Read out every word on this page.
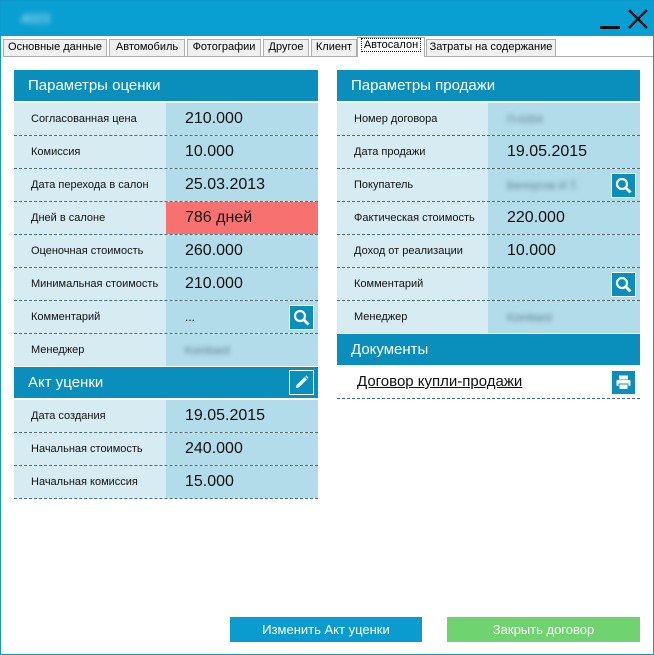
4023
Основные данные	Автомобиль	Фотографии	Другое	Клиент	Автосалон	Затраты на содержание
Параметры оценки
Согласованная цена	210.000
Комиссия	10.000
Дата перехода в салон	25.03.2013
Дней в салоне	786 дней
Оценочная стоимость	260.000
Минимальная стоимость	210.000
Комментарий	...
Менеджер	Kombard
Акт уценки
Дата создания	19.05.2015
Начальная стоимость	240.000
Начальная комиссия	15.000
Параметры продажи
Номер договора	П-0354
Дата продажи	19.05.2015
Покупатель	Белоусов И.Т.
Фактическая стоимость	220.000
Доход от реализации	10.000
Комментарий
Менеджер	Kombard
Документы
Договор купли-продажи
Изменить Акт уценки	Закрыть договор
